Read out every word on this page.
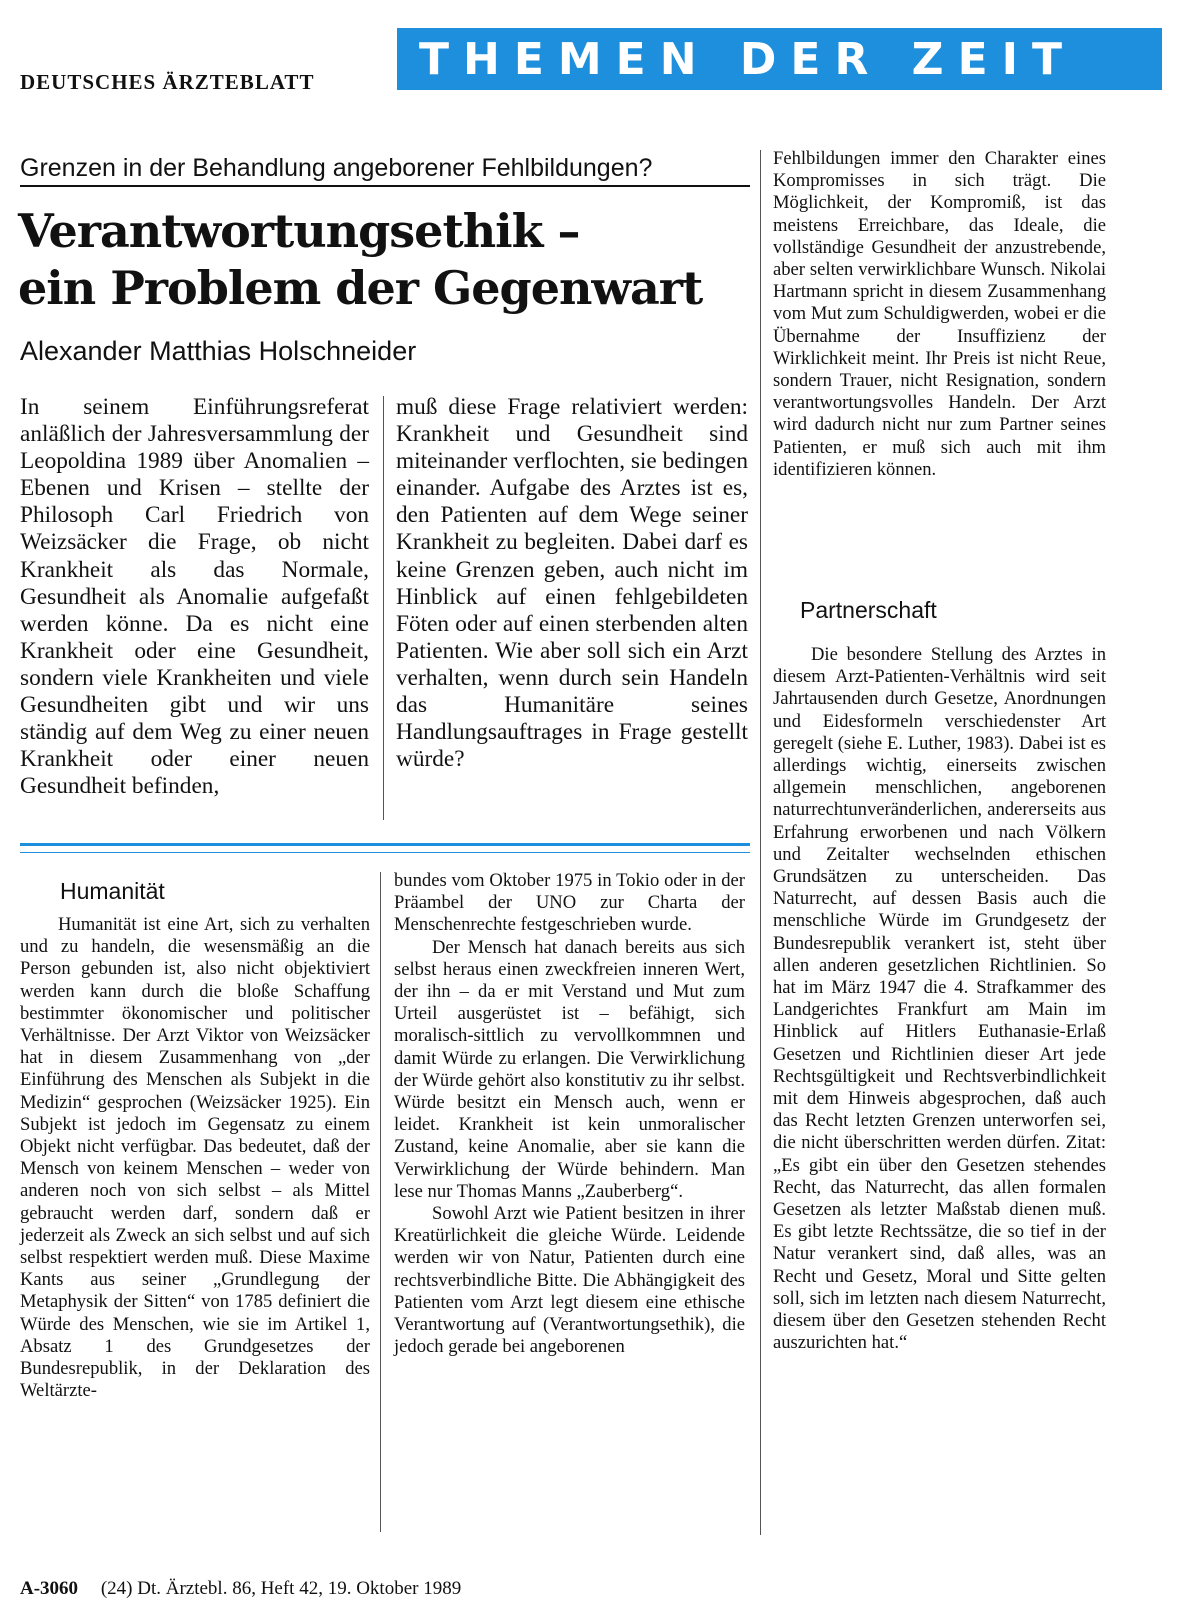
DEUTSCHES ÄRZTEBLATT THEMEN DER ZEIT
Grenzen in der Behandlung angeborener Fehlbildungen?
Verantwortungsethik –
ein Problem der Gegenwart
Alexander Matthias Holschneider
In seinem Einführungsreferat anläßlich der Jahresversammlung der Leopoldina 1989 über Anomalien – Ebenen und Krisen – stellte der Philosoph Carl Friedrich von Weizsäcker die Frage, ob nicht Krankheit als das Normale, Gesundheit als Anomalie aufgefaßt werden könne. Da es nicht eine Krankheit oder eine Gesundheit, sondern viele Krankheiten und viele Gesundheiten gibt und wir uns ständig auf dem Weg zu einer neuen Krankheit oder einer neuen Gesundheit befinden,
muß diese Frage relativiert werden: Krankheit und Gesundheit sind miteinander verflochten, sie bedingen einander. Aufgabe des Arztes ist es, den Patienten auf dem Wege seiner Krankheit zu begleiten. Dabei darf es keine Grenzen geben, auch nicht im Hinblick auf einen fehlgebildeten Föten oder auf einen sterbenden alten Patienten. Wie aber soll sich ein Arzt verhalten, wenn durch sein Handeln das Humanitäre seines Handlungsauftrages in Frage gestellt würde?
Humanität

Humanität ist eine Art, sich zu verhalten und zu handeln, die wesensmäßig an die Person gebunden ist, also nicht objektiviert werden kann durch die bloße Schaffung bestimmter ökonomischer und politischer Verhältnisse. Der Arzt Viktor von Weizsäcker hat in diesem Zusammenhang von „der Einführung des Menschen als Subjekt in die Medizin“ gesprochen (Weizsäcker 1925). Ein Subjekt ist jedoch im Gegensatz zu einem Objekt nicht verfügbar. Das bedeutet, daß der Mensch von keinem Menschen – weder von anderen noch von sich selbst – als Mittel gebraucht werden darf, sondern daß er jederzeit als Zweck an sich selbst und auf sich selbst respektiert werden muß. Diese Maxime Kants aus seiner „Grundlegung der Metaphysik der Sitten“ von 1785 definiert die Würde des Menschen, wie sie im Artikel 1, Absatz 1 des Grundgesetzes der Bundesrepublik, in der Deklaration des Weltärzte-

bundes vom Oktober 1975 in Tokio oder in der Präambel der UNO zur Charta der Menschenrechte festgeschrieben wurde.

Der Mensch hat danach bereits aus sich selbst heraus einen zweckfreien inneren Wert, der ihn – da er mit Verstand und Mut zum Urteil ausgerüstet ist – befähigt, sich moralisch-sittlich zu vervollkommnen und damit Würde zu erlangen. Die Verwirklichung der Würde gehört also konstitutiv zu ihr selbst. Würde besitzt ein Mensch auch, wenn er leidet. Krankheit ist kein unmoralischer Zustand, keine Anomalie, aber sie kann die Verwirklichung der Würde behindern. Man lese nur Thomas Manns „Zauberberg“.

Sowohl Arzt wie Patient besitzen in ihrer Kreatürlichkeit die gleiche Würde. Leidende werden wir von Natur, Patienten durch eine rechtsverbindliche Bitte. Die Abhängigkeit des Patienten vom Arzt legt diesem eine ethische Verantwortung auf (Verantwortungsethik), die jedoch gerade bei angeborenen

Fehlbildungen immer den Charakter eines Kompromisses in sich trägt. Die Möglichkeit, der Kompromiß, ist das meistens Erreichbare, das Ideale, die vollständige Gesundheit der anzustrebende, aber selten verwirklichbare Wunsch. Nikolai Hartmann spricht in diesem Zusammenhang vom Mut zum Schuldigwerden, wobei er die Übernahme der Insuffizienz der Wirklichkeit meint. Ihr Preis ist nicht Reue, sondern Trauer, nicht Resignation, sondern verantwortungsvolles Handeln. Der Arzt wird dadurch nicht nur zum Partner seines Patienten, er muß sich auch mit ihm identifizieren können.

Partnerschaft

Die besondere Stellung des Arztes in diesem Arzt-Patienten-Verhältnis wird seit Jahrtausenden durch Gesetze, Anordnungen und Eidesformeln verschiedenster Art geregelt (siehe E. Luther, 1983). Dabei ist es allerdings wichtig, einerseits zwischen allgemein menschlichen, angeborenen naturrechtunveränderlichen, andererseits aus Erfahrung erworbenen und nach Völkern und Zeitalter wechselnden ethischen Grundsätzen zu unterscheiden. Das Naturrecht, auf dessen Basis auch die menschliche Würde im Grundgesetz der Bundesrepublik verankert ist, steht über allen anderen gesetzlichen Richtlinien. So hat im März 1947 die 4. Strafkammer des Landgerichtes Frankfurt am Main im Hinblick auf Hitlers Euthanasie-Erlaß Gesetzen und Richtlinien dieser Art jede Rechtsgültigkeit und Rechtsverbindlichkeit mit dem Hinweis abgesprochen, daß auch das Recht letzten Grenzen unterworfen sei, die nicht überschritten werden dürfen. Zitat: „Es gibt ein über den Gesetzen stehendes Recht, das Naturrecht, das allen formalen Gesetzen als letzter Maßstab dienen muß. Es gibt letzte Rechtssätze, die so tief in der Natur verankert sind, daß alles, was an Recht und Gesetz, Moral und Sitte gelten soll, sich im letzten nach diesem Naturrecht, diesem über den Gesetzen stehenden Recht auszurichten hat.“

A-3060 (24) Dt. Ärztebl. 86, Heft 42, 19. Oktober 1989
